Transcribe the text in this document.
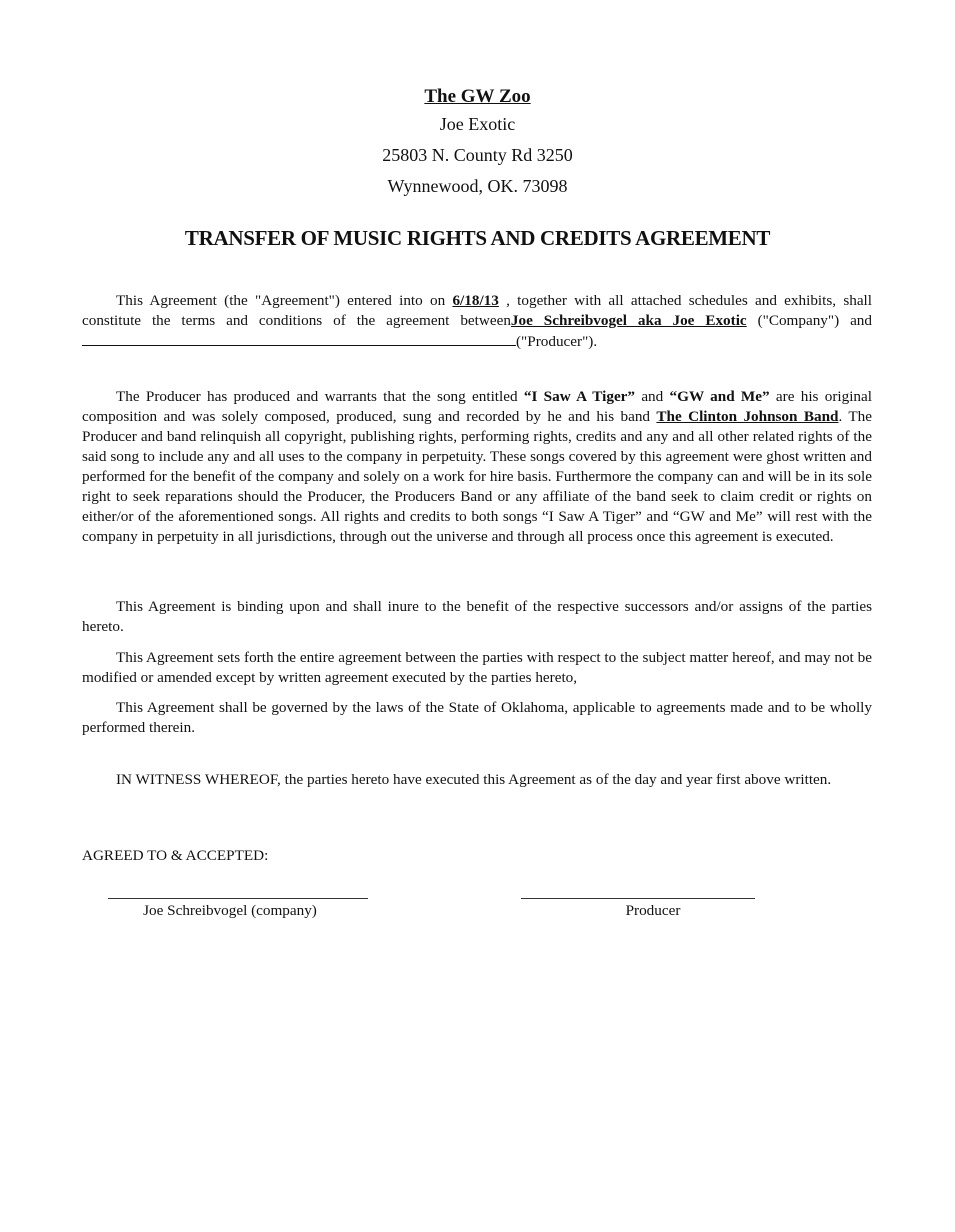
The GW Zoo
Joe Exotic
25803 N. County Rd 3250
Wynnewood, OK. 73098
TRANSFER OF MUSIC RIGHTS AND CREDITS AGREEMENT

This Agreement (the "Agreement") entered into on 6/18/13 , together with all attached schedules and exhibits, shall constitute the terms and conditions of the agreement betweenJoe Schreibvogel aka Joe Exotic ("Company") and ("Producer").

The Producer has produced and warrants that the song entitled “I Saw A Tiger” and “GW and Me” are his original composition and was solely composed, produced, sung and recorded by he and his band The Clinton Johnson Band. The Producer and band relinquish all copyright, publishing rights, performing rights, credits and any and all other related rights of the said song to include any and all uses to the company in perpetuity. These songs covered by this agreement were ghost written and performed for the benefit of the company and solely on a work for hire basis. Furthermore the company can and will be in its sole right to seek reparations should the Producer, the Producers Band or any affiliate of the band seek to claim credit or rights on either/or of the aforementioned songs. All rights and credits to both songs “I Saw A Tiger” and “GW and Me” will rest with the company in perpetuity in all jurisdictions, through out the universe and through all process once this agreement is executed.

This Agreement is binding upon and shall inure to the benefit of the respective successors and/or assigns of the parties hereto.

This Agreement sets forth the entire agreement between the parties with respect to the subject matter hereof, and may not be modified or amended except by written agreement executed by the parties hereto,

This Agreement shall be governed by the laws of the State of Oklahoma, applicable to agreements made and to be wholly performed therein.

IN WITNESS WHEREOF, the parties hereto have executed this Agreement as of the day and year first above written.

AGREED TO & ACCEPTED:
Joe Schreibvogel (company)	Producer
